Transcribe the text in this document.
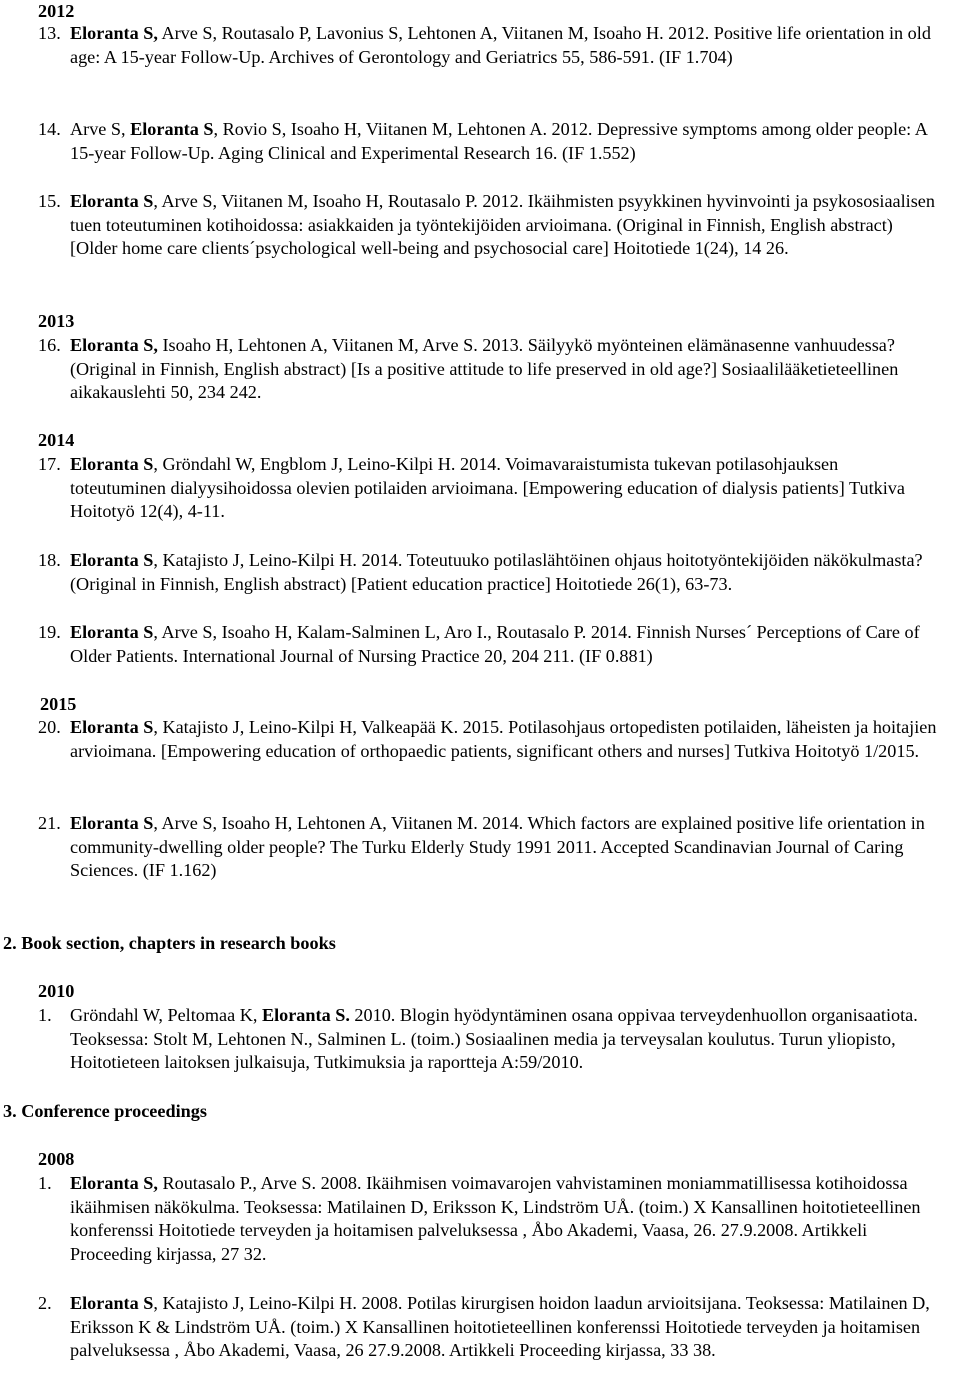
2012
13. Eloranta S, Arve S, Routasalo P, Lavonius S, Lehtonen A, Viitanen M, Isoaho H. 2012. Positive life orientation in old age: A 15-year Follow-Up. Archives of Gerontology and Geriatrics 55, 586-591. (IF 1.704)
14. Arve S, Eloranta S, Rovio S, Isoaho H, Viitanen M, Lehtonen A. 2012. Depressive symptoms among older people: A 15-year Follow-Up. Aging Clinical and Experimental Research 16. (IF 1.552)
15. Eloranta S, Arve S, Viitanen M, Isoaho H, Routasalo P. 2012. Ikäihmisten psyykkinen hyvinvointi ja psykososiaalisen tuen toteutuminen kotihoidossa: asiakkaiden ja työntekijöiden arvioimana. (Original in Finnish, English abstract) [Older home care clients´psychological well-being and psychosocial care] Hoitotiede 1(24), 14 26.
2013
16. Eloranta S, Isoaho H, Lehtonen A, Viitanen M, Arve S. 2013. Säilyykö myönteinen elämänasenne vanhuudessa? (Original in Finnish, English abstract) [Is a positive attitude to life preserved in old age?] Sosiaalilääketieteellinen aikakauslehti 50, 234 242.
2014
17. Eloranta S, Gröndahl W, Engblom J, Leino-Kilpi H. 2014. Voimavaraistumista tukevan potilasohjauksen toteutuminen dialyysihoidossa olevien potilaiden arvioimana. [Empowering education of dialysis patients] Tutkiva Hoitotyö 12(4), 4-11.
18. Eloranta S, Katajisto J, Leino-Kilpi H. 2014. Toteutuuko potilaslähtöinen ohjaus hoitotyöntekijöiden näkökulmasta? (Original in Finnish, English abstract) [Patient education practice] Hoitotiede 26(1), 63-73.
19. Eloranta S, Arve S, Isoaho H, Kalam-Salminen L, Aro I., Routasalo P. 2014. Finnish Nurses´ Perceptions of Care of Older Patients. International Journal of Nursing Practice 20, 204 211. (IF 0.881)
2015
20. Eloranta S, Katajisto J, Leino-Kilpi H, Valkeapää K. 2015. Potilasohjaus ortopedisten potilaiden, läheisten ja hoitajien arvioimana. [Empowering education of orthopaedic patients, significant others and nurses] Tutkiva Hoitotyö 1/2015.
21. Eloranta S, Arve S, Isoaho H, Lehtonen A, Viitanen M. 2014. Which factors are explained positive life orientation in community-dwelling older people? The Turku Elderly Study 1991 2011. Accepted Scandinavian Journal of Caring Sciences. (IF 1.162)
2. Book section, chapters in research books
2010
1. Gröndahl W, Peltomaa K, Eloranta S. 2010. Blogin hyödyntäminen osana oppivaa terveydenhuollon organisaatiota. Teoksessa: Stolt M, Lehtonen N., Salminen L. (toim.) Sosiaalinen media ja terveysalan koulutus. Turun yliopisto, Hoitotieteen laitoksen julkaisuja, Tutkimuksia ja raportteja A:59/2010.
3. Conference proceedings
2008
1. Eloranta S, Routasalo P., Arve S. 2008. Ikäihmisen voimavarojen vahvistaminen moniammatillisessa kotihoidossa ikäihmisen näkökulma. Teoksessa: Matilainen D, Eriksson K, Lindström UÅ. (toim.) X Kansallinen hoitotieteellinen konferenssi Hoitotiede terveyden ja hoitamisen palveluksessa , Åbo Akademi, Vaasa, 26. 27.9.2008. Artikkeli Proceeding kirjassa, 27 32.
2. Eloranta S, Katajisto J, Leino-Kilpi H. 2008. Potilas kirurgisen hoidon laadun arvioitsijana. Teoksessa: Matilainen D, Eriksson K & Lindström UÅ. (toim.) X Kansallinen hoitotieteellinen konferenssi Hoitotiede terveyden ja hoitamisen palveluksessa , Åbo Akademi, Vaasa, 26 27.9.2008. Artikkeli Proceeding kirjassa, 33 38.
